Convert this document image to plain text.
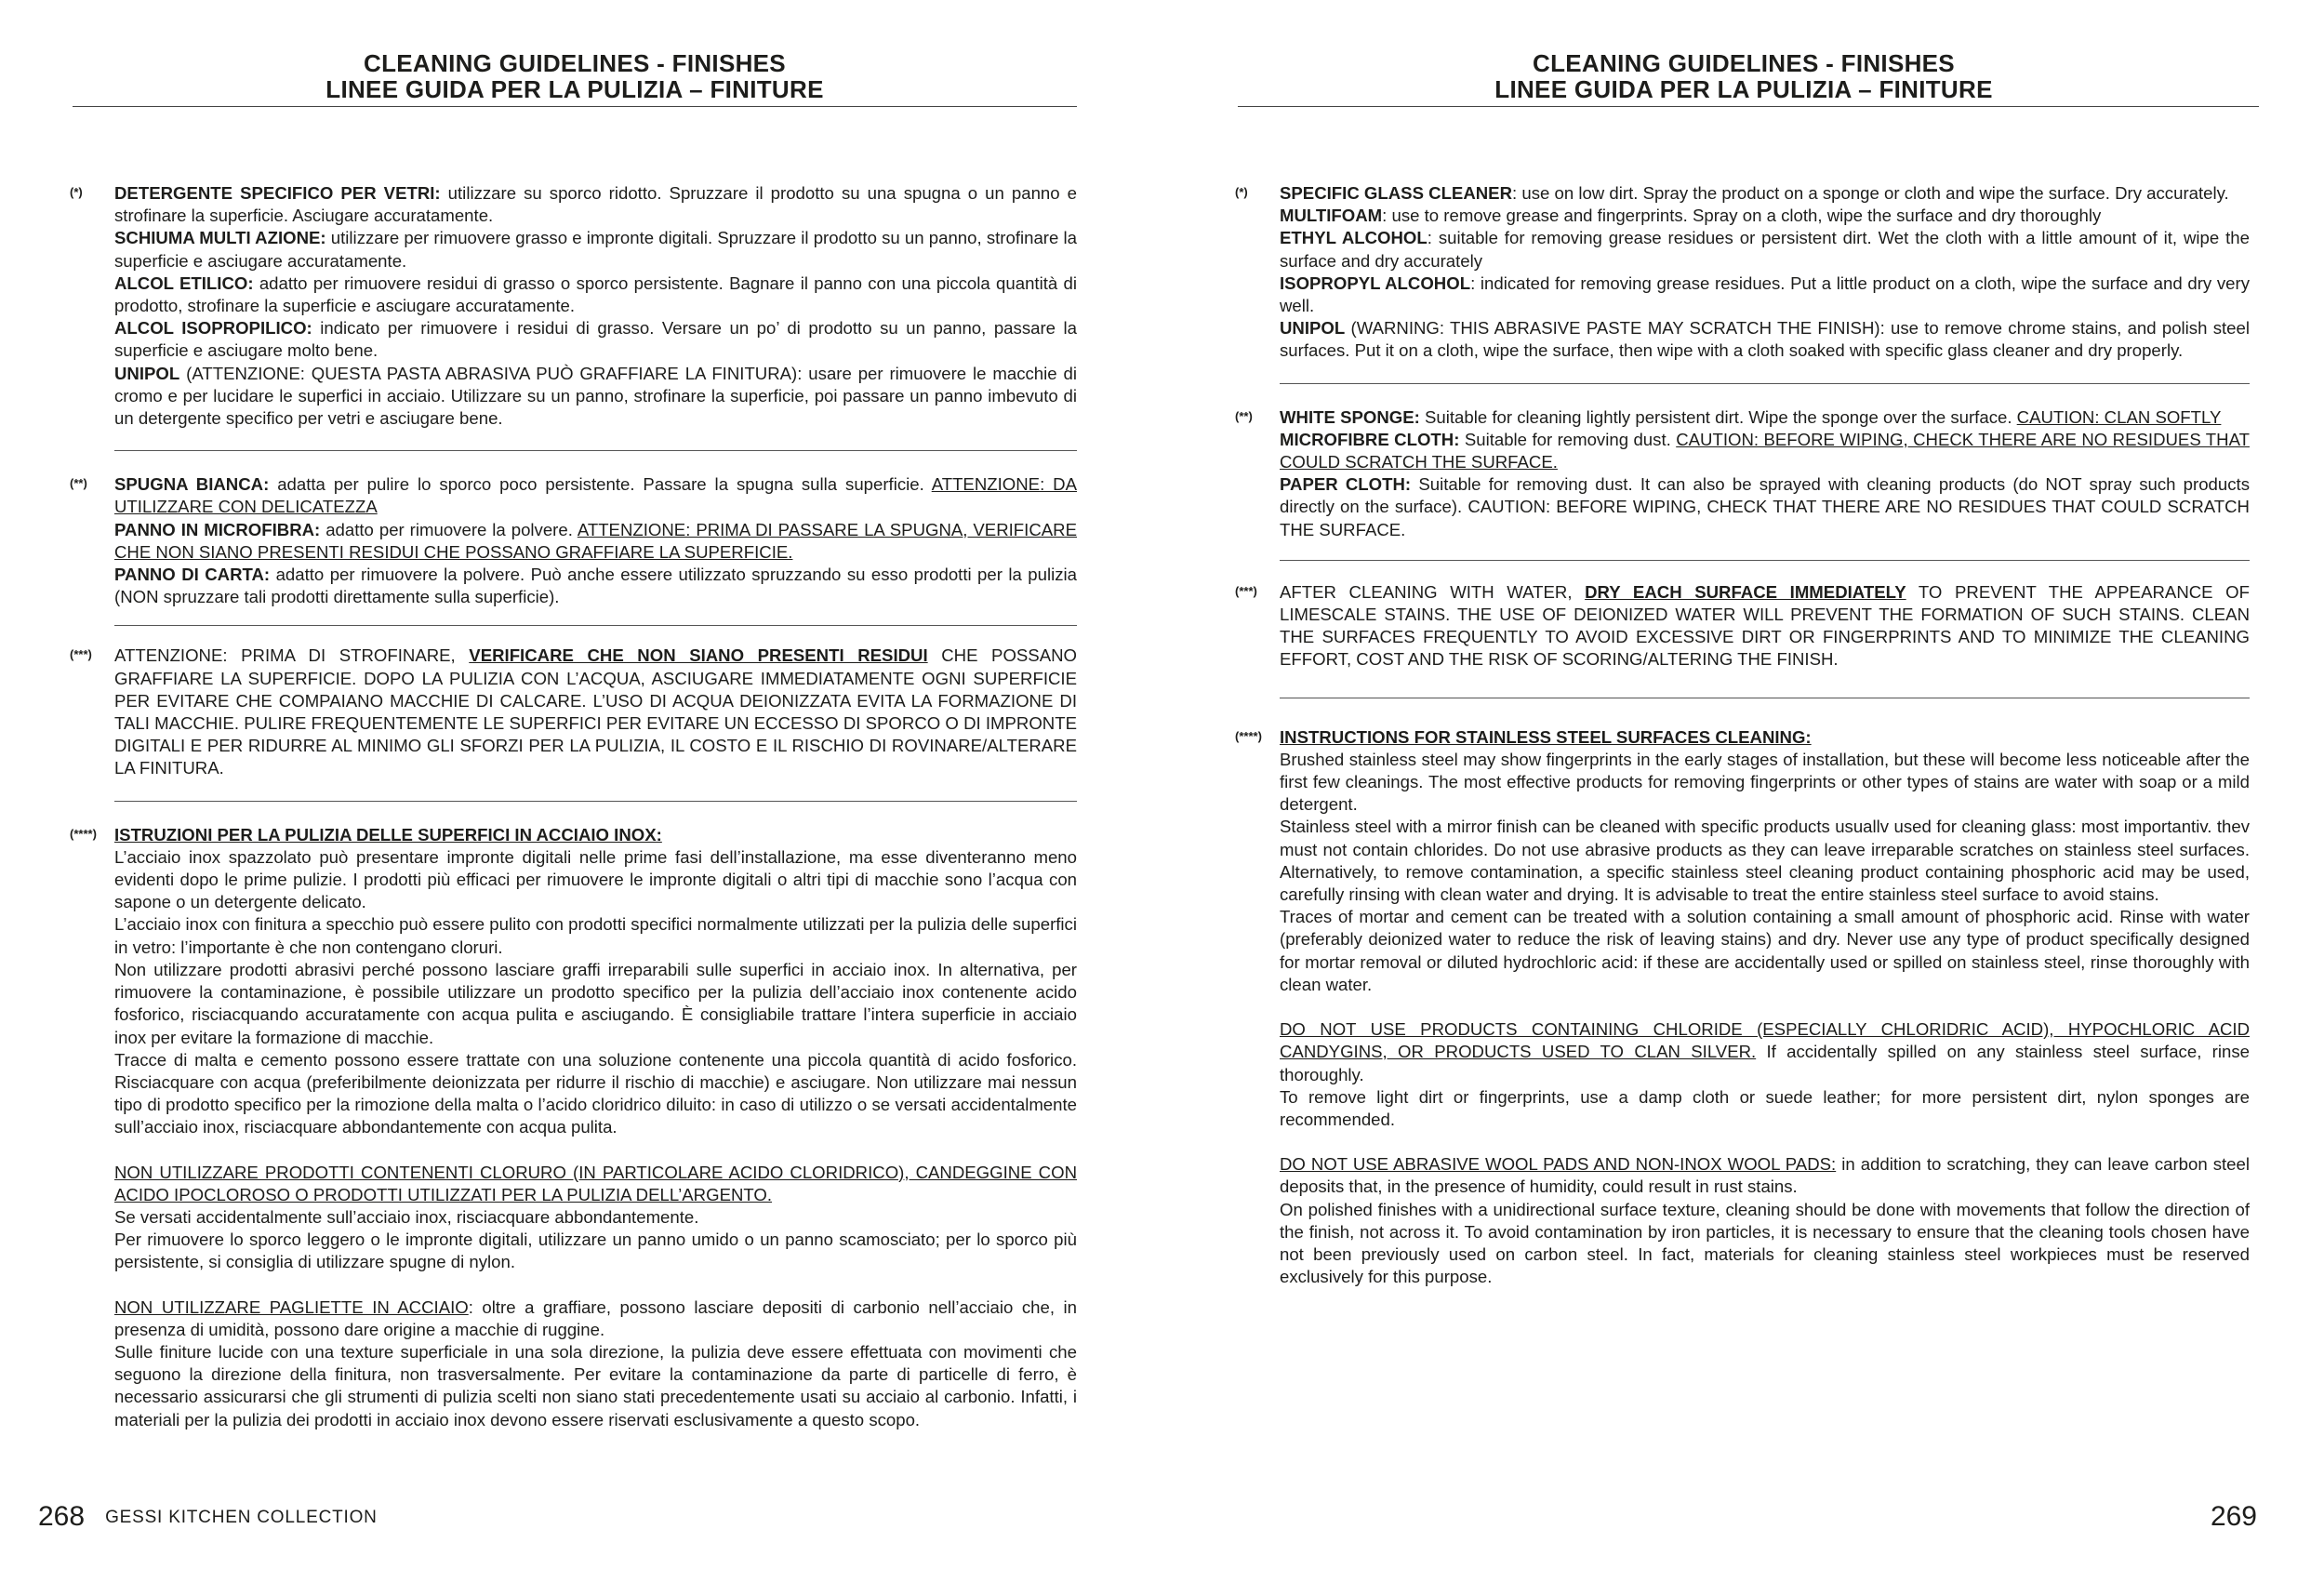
CLEANING GUIDELINES - FINISHES
LINEE GUIDA PER LA PULIZIA – FINITURE
(*) DETERGENTE SPECIFICO PER VETRI: utilizzare su sporco ridotto. Spruzzare il prodotto su una spugna o un panno e strofinare la superficie. Asciugare accuratamente.

SCHIUMA MULTI AZIONE: utilizzare per rimuovere grasso e impronte digitali. Spruzzare il prodotto su un panno, strofinare la superficie e asciugare accuratamente.

ALCOL ETILICO: adatto per rimuovere residui di grasso o sporco persistente. Bagnare il panno con una piccola quantità di prodotto, strofinare la superficie e asciugare accuratamente.

ALCOL ISOPROPILICO: indicato per rimuovere i residui di grasso. Versare un po’ di prodotto su un panno, passare la superficie e asciugare molto bene.

UNIPOL (ATTENZIONE: QUESTA PASTA ABRASIVA PUÒ GRAFFIARE LA FINITURA): usare per rimuovere le macchie di cromo e per lucidare le superfici in acciaio. Utilizzare su un panno, strofinare la superficie, poi passare un panno imbevuto di un detergente specifico per vetri e asciugare bene.

(**) SPUGNA BIANCA: adatta per pulire lo sporco poco persistente. Passare la spugna sulla superficie. ATTENZIONE: DA UTILIZZARE CON DELICATEZZA

PANNO IN MICROFIBRA: adatto per rimuovere la polvere. ATTENZIONE: PRIMA DI PASSARE LA SPUGNA, VERIFICARE CHE NON SIANO PRESENTI RESIDUI CHE POSSANO GRAFFIARE LA SUPERFICIE.

PANNO DI CARTA: adatto per rimuovere la polvere. Può anche essere utilizzato spruzzando su esso prodotti per la pulizia (NON spruzzare tali prodotti direttamente sulla superficie).

(***) ATTENZIONE: PRIMA DI STROFINARE, VERIFICARE CHE NON SIANO PRESENTI RESIDUI CHE POSSANO GRAFFIARE LA SUPERFICIE. DOPO LA PULIZIA CON L’ACQUA, ASCIUGARE IMMEDIATAMENTE OGNI SUPERFICIE PER EVITARE CHE COMPAIANO MACCHIE DI CALCARE. L’USO DI ACQUA DEIONIZZATA EVITA LA FORMAZIONE DI TALI MACCHIE. PULIRE FREQUENTEMENTE LE SUPERFICI PER EVITARE UN ECCESSO DI SPORCO O DI IMPRONTE DIGITALI E PER RIDURRE AL MINIMO GLI SFORZI PER LA PULIZIA, IL COSTO E IL RISCHIO DI ROVINARE/ALTERARE LA FINITURA.

(****) ISTRUZIONI PER LA PULIZIA DELLE SUPERFICI IN ACCIAIO INOX:

L’acciaio inox spazzolato può presentare impronte digitali nelle prime fasi dell’installazione, ma esse diventeranno meno evidenti dopo le prime pulizie. I prodotti più efficaci per rimuovere le impronte digitali o altri tipi di macchie sono l’acqua con sapone o un detergente delicato.

L’acciaio inox con finitura a specchio può essere pulito con prodotti specifici normalmente utilizzati per la pulizia delle superfici in vetro: l’importante è che non contengano cloruri.

Non utilizzare prodotti abrasivi perché possono lasciare graffi irreparabili sulle superfici in acciaio inox. In alternativa, per rimuovere la contaminazione, è possibile utilizzare un prodotto specifico per la pulizia dell’acciaio inox contenente acido fosforico, risciacquando accuratamente con acqua pulita e asciugando. È consigliabile trattare l’intera superficie in acciaio inox per evitare la formazione di macchie.

Tracce di malta e cemento possono essere trattate con una soluzione contenente una piccola quantità di acido fosforico. Risciacquare con acqua (preferibilmente deionizzata per ridurre il rischio di macchie) e asciugare. Non utilizzare mai nessun tipo di prodotto specifico per la rimozione della malta o l’acido cloridrico diluito: in caso di utilizzo o se versati accidentalmente sull’acciaio inox, risciacquare abbondantemente con acqua pulita.

NON UTILIZZARE PRODOTTI CONTENENTI CLORURO (IN PARTICOLARE ACIDO CLORIDRICO), CANDEGGINE CON ACIDO IPOCLOROSO O PRODOTTI UTILIZZATI PER LA PULIZIA DELL’ARGENTO.

Se versati accidentalmente sull’acciaio inox, risciacquare abbondantemente.

Per rimuovere lo sporco leggero o le impronte digitali, utilizzare un panno umido o un panno scamosciato; per lo sporco più persistente, si consiglia di utilizzare spugne di nylon.

NON UTILIZZARE PAGLIETTE IN ACCIAIO: oltre a graffiare, possono lasciare depositi di carbonio nell’acciaio che, in presenza di umidità, possono dare origine a macchie di ruggine.

Sulle finiture lucide con una texture superficiale in una sola direzione, la pulizia deve essere effettuata con movimenti che seguono la direzione della finitura, non trasversalmente. Per evitare la contaminazione da parte di particelle di ferro, è necessario assicurarsi che gli strumenti di pulizia scelti non siano stati precedentemente usati su acciaio al carbonio. Infatti, i materiali per la pulizia dei prodotti in acciaio inox devono essere riservati esclusivamente a questo scopo.

268 GESSI KITCHEN COLLECTION
CLEANING GUIDELINES - FINISHES
LINEE GUIDA PER LA PULIZIA – FINITURE
(*) SPECIFIC GLASS CLEANER: use on low dirt. Spray the product on a sponge or cloth and wipe the surface. Dry accurately.

MULTIFOAM: use to remove grease and fingerprints. Spray on a cloth, wipe the surface and dry thoroughly

ETHYL ALCOHOL: suitable for removing grease residues or persistent dirt. Wet the cloth with a little amount of it, wipe the surface and dry accurately

ISOPROPYL ALCOHOL: indicated for removing grease residues. Put a little product on a cloth, wipe the surface and dry very well.

UNIPOL (WARNING: THIS ABRASIVE PASTE MAY SCRATCH THE FINISH): use to remove chrome stains, and polish steel surfaces. Put it on a cloth, wipe the surface, then wipe with a cloth soaked with specific glass cleaner and dry properly.

(**) WHITE SPONGE: Suitable for cleaning lightly persistent dirt. Wipe the sponge over the surface. CAUTION: CLAN SOFTLY

MICROFIBRE CLOTH: Suitable for removing dust. CAUTION: BEFORE WIPING, CHECK THERE ARE NO RESIDUES THAT COULD SCRATCH THE SURFACE.

PAPER CLOTH: Suitable for removing dust. It can also be sprayed with cleaning products (do NOT spray such products directly on the surface). CAUTION: BEFORE WIPING, CHECK THAT THERE ARE NO RESIDUES THAT COULD SCRATCH THE SURFACE.

(***) AFTER CLEANING WITH WATER, DRY EACH SURFACE IMMEDIATELY TO PREVENT THE APPEARANCE OF LIMESCALE STAINS. THE USE OF DEIONIZED WATER WILL PREVENT THE FORMATION OF SUCH STAINS. CLEAN THE SURFACES FREQUENTLY TO AVOID EXCESSIVE DIRT OR FINGERPRINTS AND TO MINIMIZE THE CLEANING EFFORT, COST AND THE RISK OF SCORING/ALTERING THE FINISH.

(****) INSTRUCTIONS FOR STAINLESS STEEL SURFACES CLEANING:

Brushed stainless steel may show fingerprints in the early stages of installation, but these will become less noticeable after the first few cleanings. The most effective products for removing fingerprints or other types of stains are water with soap or a mild detergent.

Stainless steel with a mirror finish can be cleaned with specific products usuallv used for cleaning glass: most importantiv. thev must not contain chlorides. Do not use abrasive products as they can leave irreparable scratches on stainless steel surfaces. Alternatively, to remove contamination, a specific stainless steel cleaning product containing phosphoric acid may be used, carefully rinsing with clean water and drying. It is advisable to treat the entire stainless steel surface to avoid stains.

Traces of mortar and cement can be treated with a solution containing a small amount of phosphoric acid. Rinse with water (preferably deionized water to reduce the risk of leaving stains) and dry. Never use any type of product specifically designed for mortar removal or diluted hydrochloric acid: if these are accidentally used or spilled on stainless steel, rinse thoroughly with clean water.

DO NOT USE PRODUCTS CONTAINING CHLORIDE (ESPECIALLY CHLORIDRIC ACID), HYPOCHLORIC ACID CANDYGINS, OR PRODUCTS USED TO CLAN SILVER. If accidentally spilled on any stainless steel surface, rinse thoroughly.

To remove light dirt or fingerprints, use a damp cloth or suede leather; for more persistent dirt, nylon sponges are recommended.

DO NOT USE ABRASIVE WOOL PADS AND NON-INOX WOOL PADS: in addition to scratching, they can leave carbon steel deposits that, in the presence of humidity, could result in rust stains.

On polished finishes with a unidirectional surface texture, cleaning should be done with movements that follow the direction of the finish, not across it. To avoid contamination by iron particles, it is necessary to ensure that the cleaning tools chosen have not been previously used on carbon steel. In fact, materials for cleaning stainless steel workpieces must be reserved exclusively for this purpose.

269
